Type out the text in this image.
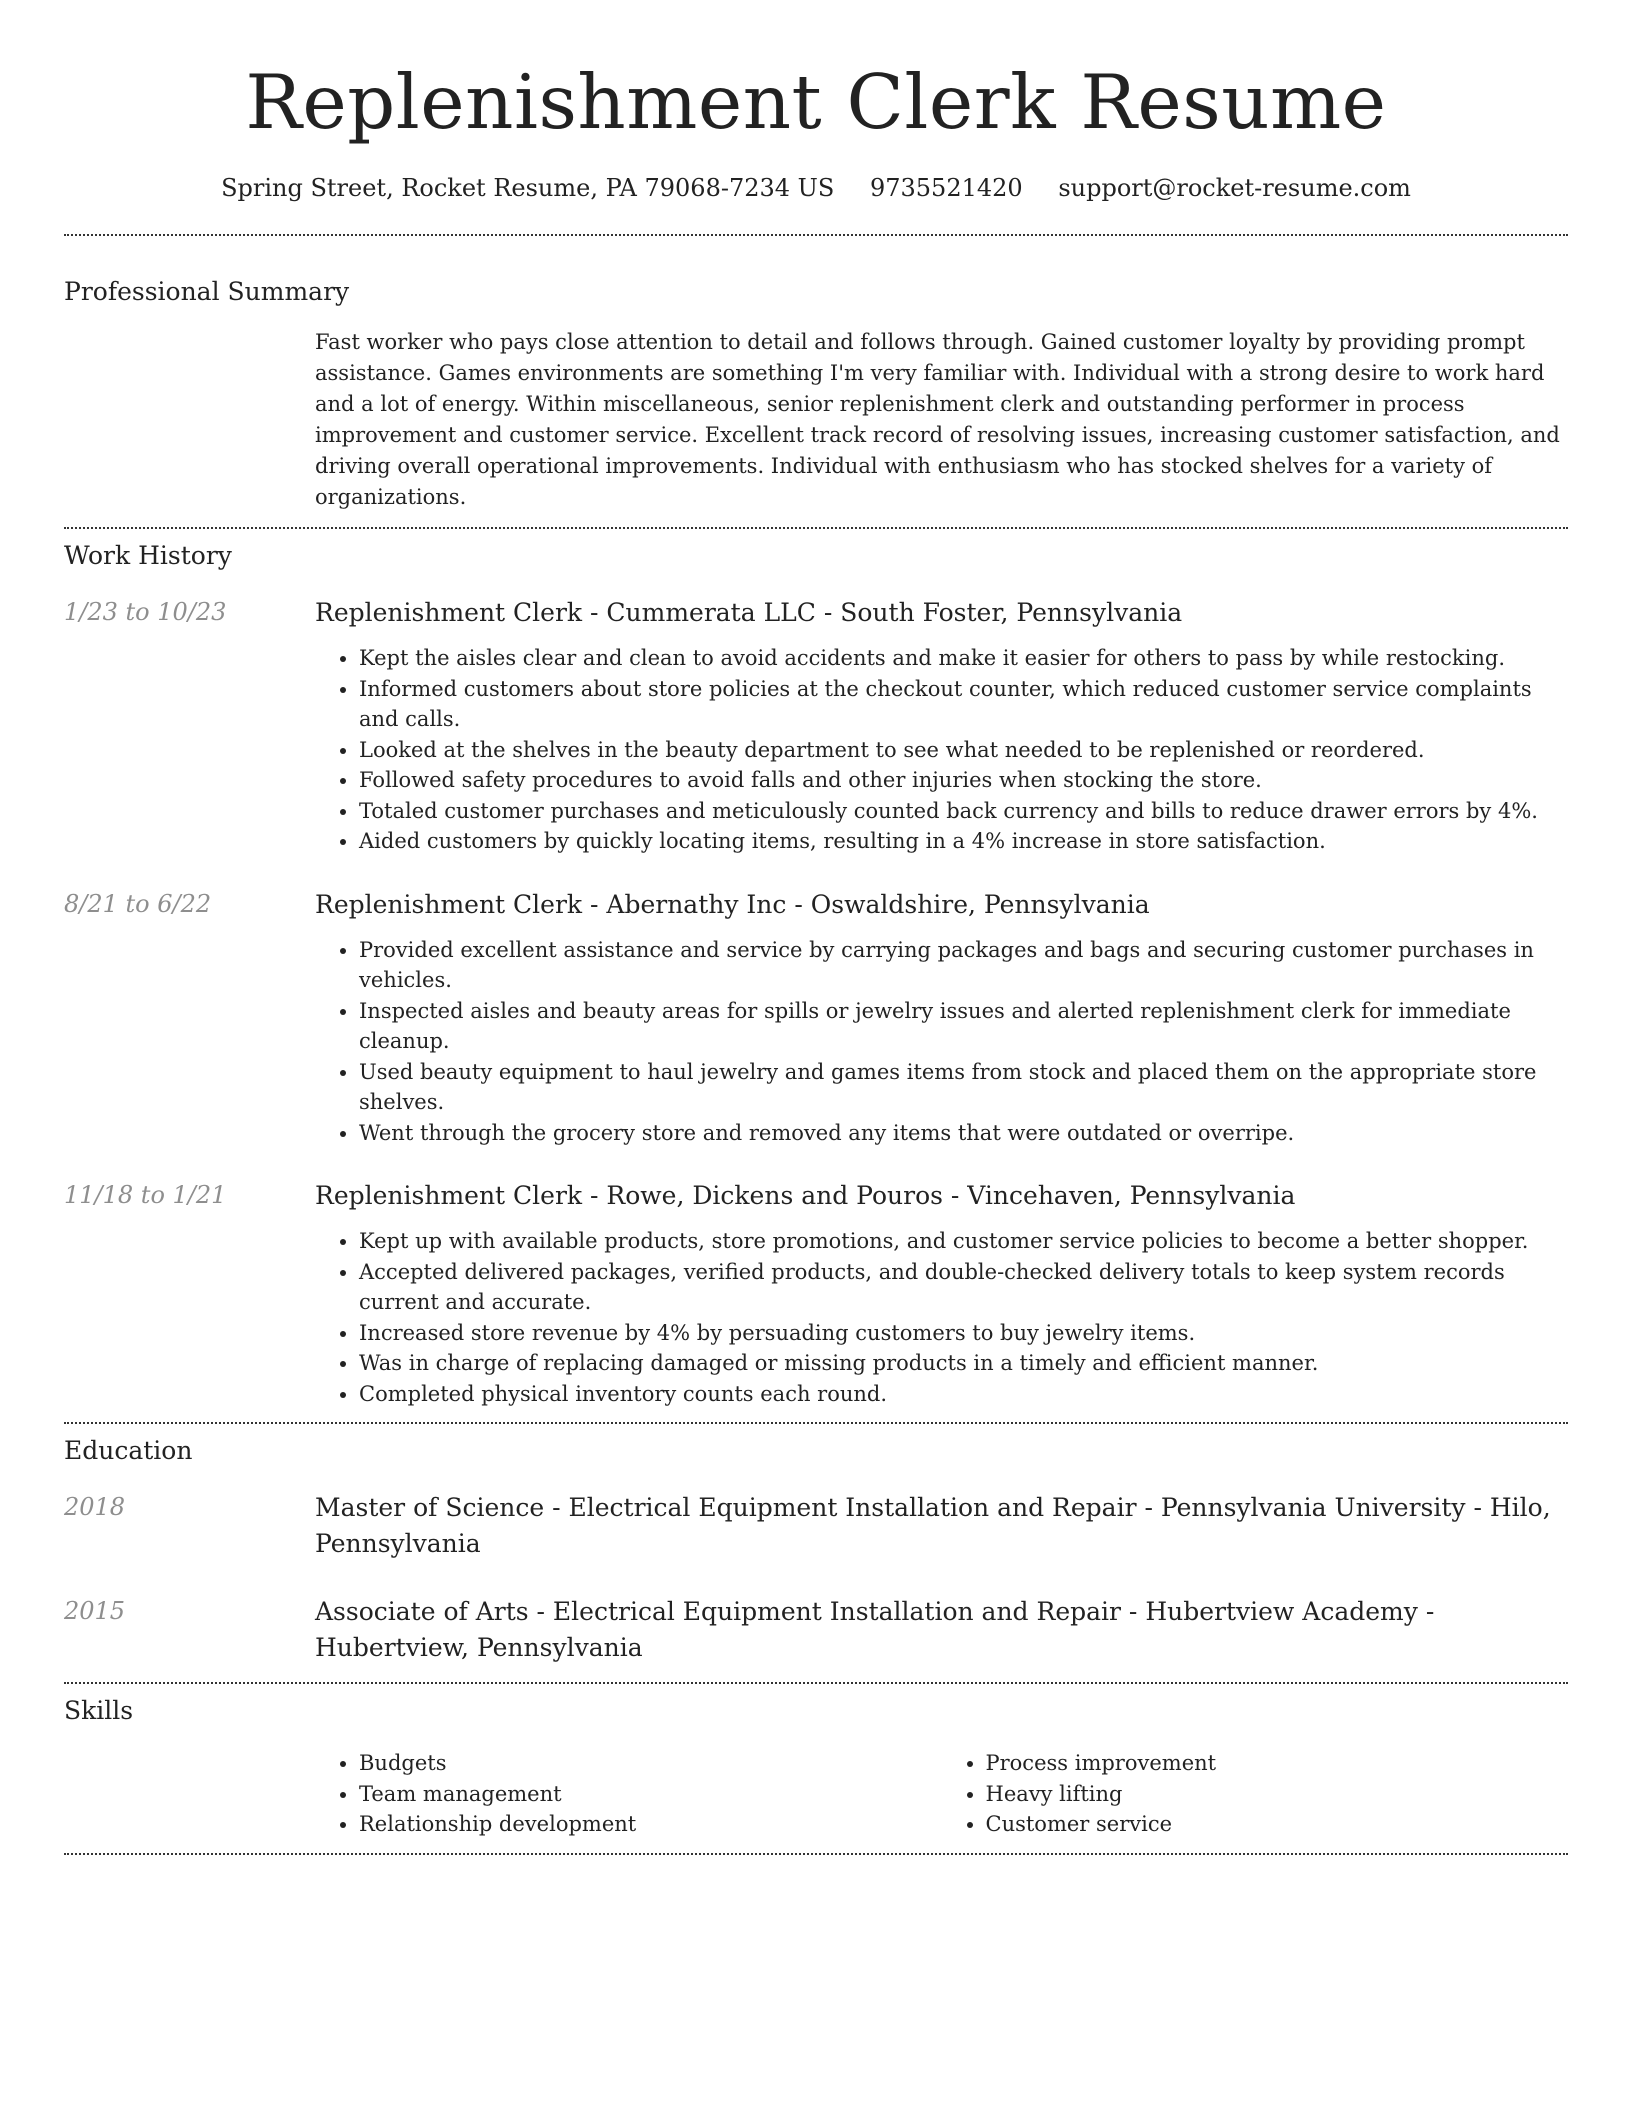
Replenishment Clerk Resume
Spring Street, Rocket Resume, PA 79068-7234 US 9735521420 support@rocket-resume.com
Professional Summary

Fast worker who pays close attention to detail and follows through. Gained customer loyalty by providing prompt assistance. Games environments are something I'm very familiar with. Individual with a strong desire to work hard and a lot of energy. Within miscellaneous, senior replenishment clerk and outstanding performer in process improvement and customer service. Excellent track record of resolving issues, increasing customer satisfaction, and driving overall operational improvements. Individual with enthusiasm who has stocked shelves for a variety of organizations.

Work History
1/23 to 10/23	Replenishment Clerk - Cummerata LLC - South Foster, Pennsylvania
• Kept the aisles clear and clean to avoid accidents and make it easier for others to pass by while restocking.
• Informed customers about store policies at the checkout counter, which reduced customer service complaints and calls.
• Looked at the shelves in the beauty department to see what needed to be replenished or reordered.
• Followed safety procedures to avoid falls and other injuries when stocking the store.
• Totaled customer purchases and meticulously counted back currency and bills to reduce drawer errors by 4%.
• Aided customers by quickly locating items, resulting in a 4% increase in store satisfaction.
8/21 to 6/22	Replenishment Clerk - Abernathy Inc - Oswaldshire, Pennsylvania
• Provided excellent assistance and service by carrying packages and bags and securing customer purchases in vehicles.
• Inspected aisles and beauty areas for spills or jewelry issues and alerted replenishment clerk for immediate cleanup.
• Used beauty equipment to haul jewelry and games items from stock and placed them on the appropriate store shelves.
• Went through the grocery store and removed any items that were outdated or overripe.
11/18 to 1/21	Replenishment Clerk - Rowe, Dickens and Pouros - Vincehaven, Pennsylvania
• Kept up with available products, store promotions, and customer service policies to become a better shopper.
• Accepted delivered packages, verified products, and double-checked delivery totals to keep system records current and accurate.
• Increased store revenue by 4% by persuading customers to buy jewelry items.
• Was in charge of replacing damaged or missing products in a timely and efficient manner.
• Completed physical inventory counts each round.
Education
2018	Master of Science - Electrical Equipment Installation and Repair - Pennsylvania University - Hilo, Pennsylvania
2015	Associate of Arts - Electrical Equipment Installation and Repair - Hubertview Academy - Hubertview, Pennsylvania
Skills
• Budgets
• Team management
• Relationship development
• Process improvement
• Heavy lifting
• Customer service
